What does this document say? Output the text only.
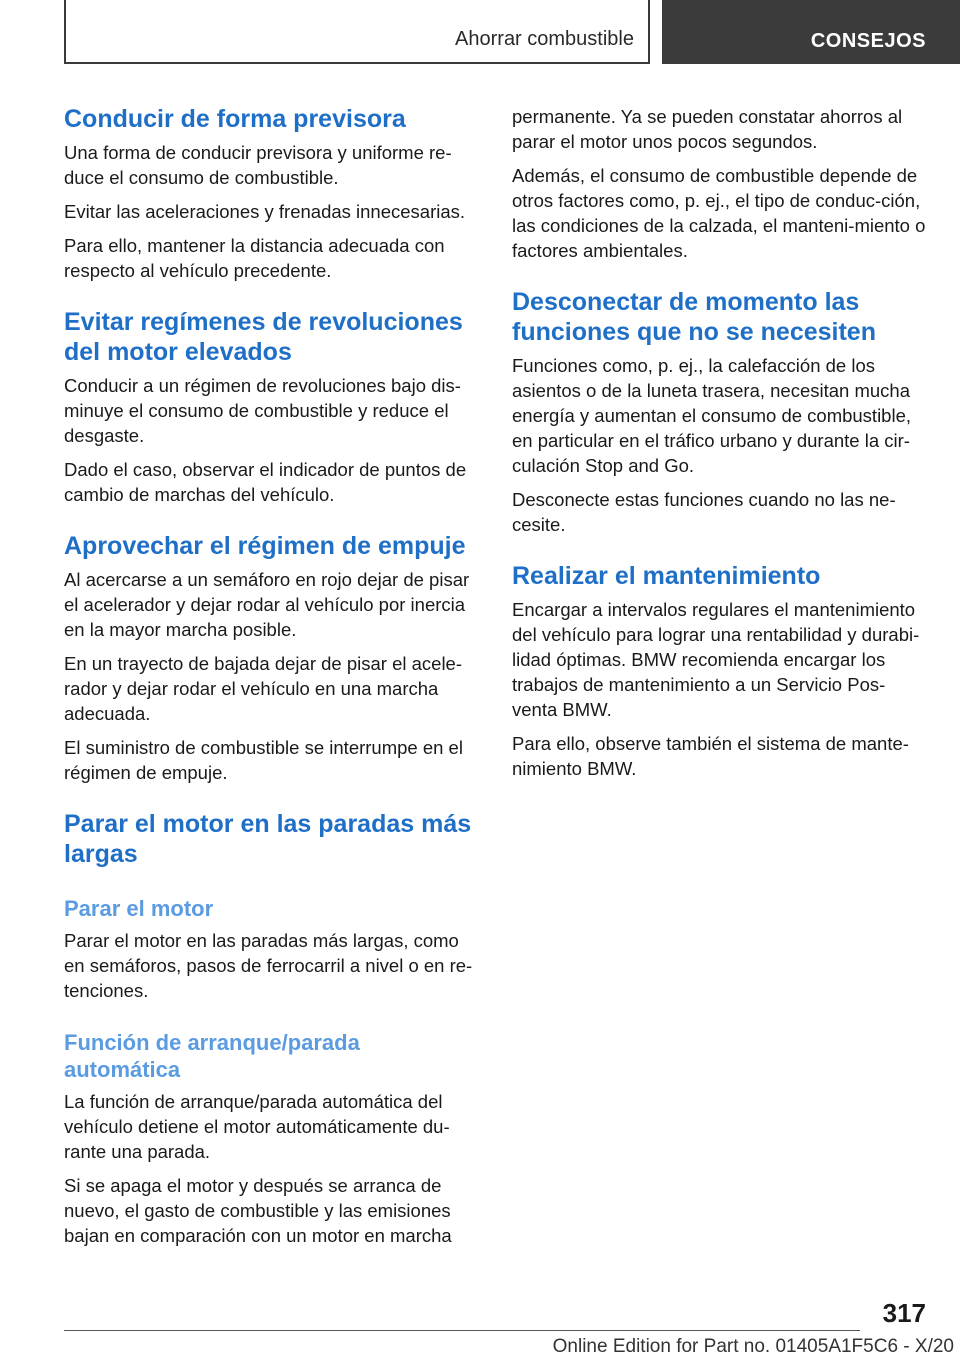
Ahorrar combustible	CONSEJOS
Conducir de forma previsora

Una forma de conducir previsora y uniforme re‐duce el consumo de combustible.

Evitar las aceleraciones y frenadas innecesarias.

Para ello, mantener la distancia adecuada con respecto al vehículo precedente.

Evitar regímenes de revoluciones del motor elevados

Conducir a un régimen de revoluciones bajo dis‐minuye el consumo de combustible y reduce el desgaste.

Dado el caso, observar el indicador de puntos de cambio de marchas del vehículo.

Aprovechar el régimen de empuje

Al acercarse a un semáforo en rojo dejar de pisar el acelerador y dejar rodar al vehículo por inercia en la mayor marcha posible.

En un trayecto de bajada dejar de pisar el acele‐rador y dejar rodar el vehículo en una marcha adecuada.

El suministro de combustible se interrumpe en el régimen de empuje.

Parar el motor en las paradas más largas
Parar el motor

Parar el motor en las paradas más largas, como en semáforos, pasos de ferrocarril a nivel o en re‐tenciones.

Función de arranque/parada automática

La función de arranque/parada automática del vehículo detiene el motor automáticamente du‐rante una parada.

Si se apaga el motor y después se arranca de nuevo, el gasto de combustible y las emisiones bajan en comparación con un motor en marcha

permanente. Ya se pueden constatar ahorros al parar el motor unos pocos segundos.

Además, el consumo de combustible depende de otros factores como, p. ej., el tipo de conduc‐ción, las condiciones de la calzada, el manteni‐miento o factores ambientales.

Desconectar de momento las funciones que no se necesiten

Funciones como, p. ej., la calefacción de los asientos o de la luneta trasera, necesitan mucha energía y aumentan el consumo de combustible, en particular en el tráfico urbano y durante la cir‐culación Stop and Go.

Desconecte estas funciones cuando no las ne‐cesite.

Realizar el mantenimiento

Encargar a intervalos regulares el mantenimiento del vehículo para lograr una rentabilidad y durabi‐lidad óptimas. BMW recomienda encargar los trabajos de mantenimiento a un Servicio Pos‐venta BMW.

Para ello, observe también el sistema de mante‐nimiento BMW.

317
Online Edition for Part no. 01405A1F5C6 - X/20
